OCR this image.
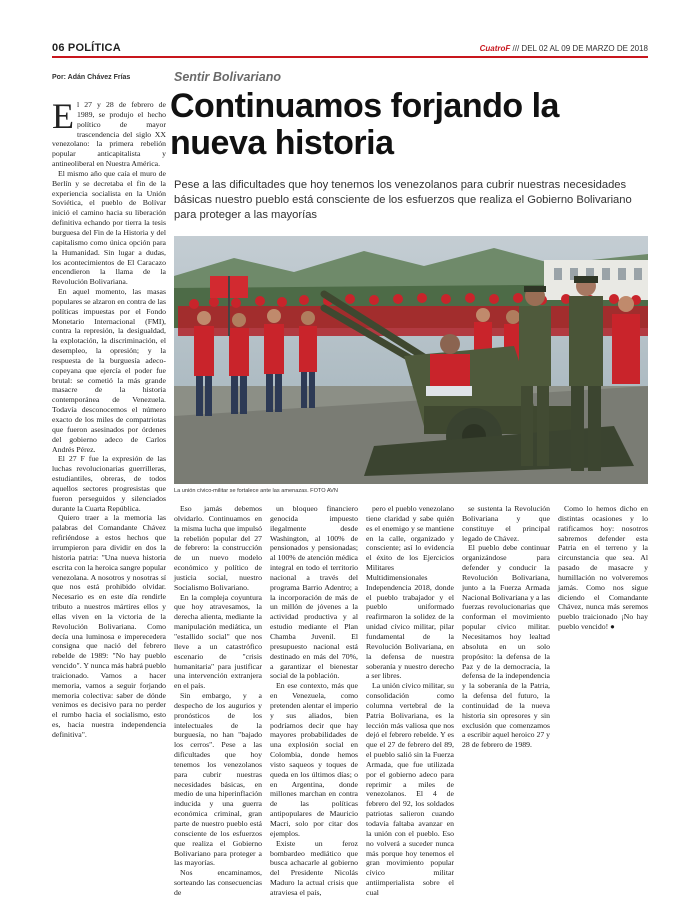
06 POLÍTICA	CuatroF /// DEL 02 AL 09 DE MARZO DE 2018
Por: Adán Chávez Frías	Sentir Bolivariano
Continuamos forjando la nueva historia
Pese a las dificultades que hoy tenemos los venezolanos para cubrir nuestras necesidades básicas nuestro pueblo está consciente de los esfuerzos que realiza el Gobierno Bolivariano para proteger a las mayorías
La unión cívico-militar se fortalece ante las amenazas. FOTO AVN

El 27 y 28 de febrero de 1989, se produjo el hecho político de mayor trascendencia del siglo XX venezolano: la primera rebelión popular anticapitalista y antineoliberal en Nuestra América.

El mismo año que caía el muro de Berlín y se decretaba el fin de la experiencia socialista en la Unión Soviética, el pueblo de Bolívar inició el camino hacia su liberación definitiva echando por tierra la tesis burguesa del Fin de la Historia y del capitalismo como única opción para la Humanidad. Sin lugar a dudas, los acontecimientos de El Caracazo encendieron la llama de la Revolución Bolivariana.

En aquel momento, las masas populares se alzaron en contra de las políticas impuestas por el Fondo Monetario Internacional (FMI), contra la represión, la desigualdad, la explotación, la discriminación, el desempleo, la opresión; y la respuesta de la burguesía adeco-copeyana que ejercía el poder fue brutal: se cometió la más grande masacre de la historia contemporánea de Venezuela. Todavía desconocemos el número exacto de los miles de compatriotas que fueron asesinados por órdenes del gobierno adeco de Carlos Andrés Pérez.

El 27 F fue la expresión de las luchas revolucionarias guerrilleras, estudiantiles, obreras, de todos aquellos sectores progresistas que fueron perseguidos y silenciados durante la Cuarta República.

Quiero traer a la memoria las palabras del Comandante Chávez refiriéndose a estos hechos que irrumpieron para dividir en dos la historia patria: "Una nueva historia escrita con la heroica sangre popular venezolana. A nosotros y nosotras sí que nos está prohibido olvidar. Necesario es en este día rendirle tributo a nuestros mártires ellos y ellas viven en la victoria de la Revolución Bolivariana. Como decía una luminosa e imperecedera consigna que nació del febrero rebelde de 1989: "No hay pueblo vencido". Y nunca más habrá pueblo traicionado. Vamos a hacer memoria, vamos a seguir forjando memoria colectiva: saber de dónde venimos es decisivo para no perder el rumbo hacia el socialismo, esto es, hacia nuestra independencia definitiva".

Eso jamás debemos olvidarlo. Continuamos en la misma lucha que impulsó la rebelión popular del 27 de febrero: la construcción de un nuevo modelo económico y político de justicia social, nuestro Socialismo Bolivariano.

En la compleja coyuntura que hoy atravesamos, la derecha alienta, mediante la manipulación mediática, un "estallido social" que nos lleve a un catastrófico escenario de "crisis humanitaria" para justificar una intervención extranjera en el país.

Sin embargo, y a despecho de los augurios y pronósticos de los intelectuales de la burguesía, no han "bajado los cerros". Pese a las dificultades que hoy tenemos los venezolanos para cubrir nuestras necesidades básicas, en medio de una hiperinflación inducida y una guerra económica criminal, gran parte de nuestro pueblo está consciente de los esfuerzos que realiza el Gobierno Bolivariano para proteger a las mayorías.

Nos encaminamos, sorteando las consecuencias de

un bloqueo financiero genocida impuesto ilegalmente desde Washington, al 100% de pensionados y pensionadas; al 100% de atención médica integral en todo el territorio nacional a través del programa Barrio Adentro; a la incorporación de más de un millón de jóvenes a la actividad productiva y al estudio mediante el Plan Chamba Juvenil. El presupuesto nacional está destinado en más del 70%, a garantizar el bienestar social de la población.

En ese contexto, más que en Venezuela, como pretenden alentar el imperio y sus aliados, bien podríamos decir que hay mayores probabilidades de una explosión social en Colombia, donde hemos visto saqueos y toques de queda en los últimos días; o en Argentina, donde millones marchan en contra de las políticas antipopulares de Mauricio Macri, solo por citar dos ejemplos.

Existe un feroz bombardeo mediático que busca achacarle al gobierno del Presidente Nicolás Maduro la actual crisis que atraviesa el país,

pero el pueblo venezolano tiene claridad y sabe quién es el enemigo y se mantiene en la calle, organizado y consciente; así lo evidencia el éxito de los Ejercicios Militares Multidimensionales Independencia 2018, donde el pueblo trabajador y el pueblo uniformado reafirmaron la solidez de la unidad cívico militar, pilar fundamental de la Revolución Bolivariana, en la defensa de nuestra soberanía y nuestro derecho a ser libres.

La unión cívico militar, su consolidación como columna vertebral de la Patria Bolivariana, es la lección más valiosa que nos dejó el febrero rebelde. Y es que el 27 de febrero del 89, el pueblo salió sin la Fuerza Armada, que fue utilizada por el gobierno adeco para reprimir a miles de venezolanos. El 4 de febrero del 92, los soldados patriotas salieron cuando todavía faltaba avanzar en la unión con el pueblo. Eso no volverá a suceder nunca más porque hoy tenemos el gran movimiento popular cívico militar antiimperialista sobre el cual

se sustenta la Revolución Bolivariana y que constituye el principal legado de Chávez.

El pueblo debe continuar organizándose para defender y conducir la Revolución Bolivariana, junto a la Fuerza Armada Nacional Bolivariana y a las fuerzas revolucionarias que conforman el movimiento popular cívico militar. Necesitamos hoy lealtad absoluta en un solo propósito: la defensa de la Paz y de la democracia, la defensa de la independencia y la soberanía de la Patria, la defensa del futuro, la continuidad de la nueva historia sin opresores y sin exclusión que comenzamos a escribir aquel heroico 27 y 28 de febrero de 1989.

Como lo hemos dicho en distintas ocasiones y lo ratificamos hoy: nosotros sabremos defender esta Patria en el terreno y la circunstancia que sea. Al pasado de masacre y humillación no volveremos jamás. Como nos sigue diciendo el Comandante Chávez, nunca más seremos pueblo traicionado ¡No hay pueblo vencido! ●
